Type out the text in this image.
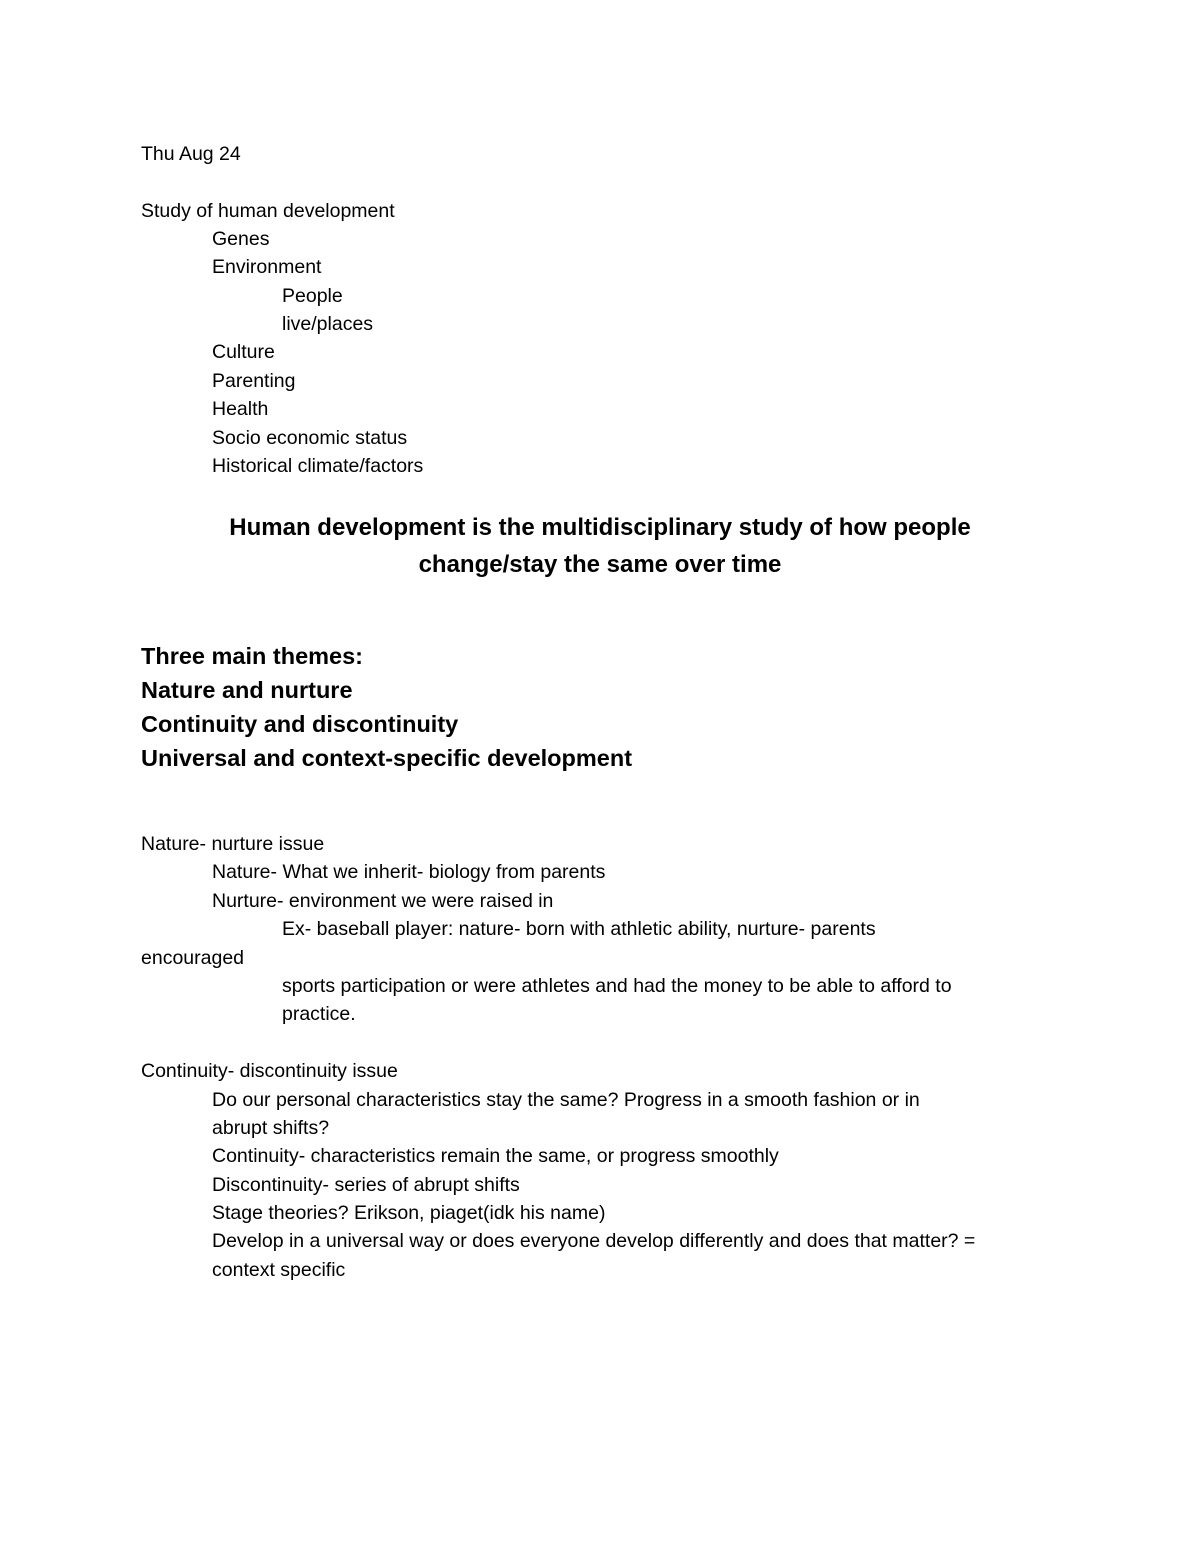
Thu Aug 24
Study of human development
Genes
Environment
People
live/places
Culture
Parenting
Health
Socio economic status
Historical climate/factors
Human development is the multidisciplinary study of how people
change/stay the same over time
Three main themes:
Nature and nurture
Continuity and discontinuity
Universal and context-specific development
Nature- nurture issue
Nature- What we inherit- biology from parents
Nurture- environment we were raised in
Ex- baseball player: nature- born with athletic ability, nurture- parents
encouraged
sports participation or were athletes and had the money to be able to afford to
practice.
Continuity- discontinuity issue
Do our personal characteristics stay the same? Progress in a smooth fashion or in
abrupt shifts?
Continuity- characteristics remain the same, or progress smoothly
Discontinuity- series of abrupt shifts
Stage theories? Erikson, piaget(idk his name)
Develop in a universal way or does everyone develop differently and does that matter? =
context specific
